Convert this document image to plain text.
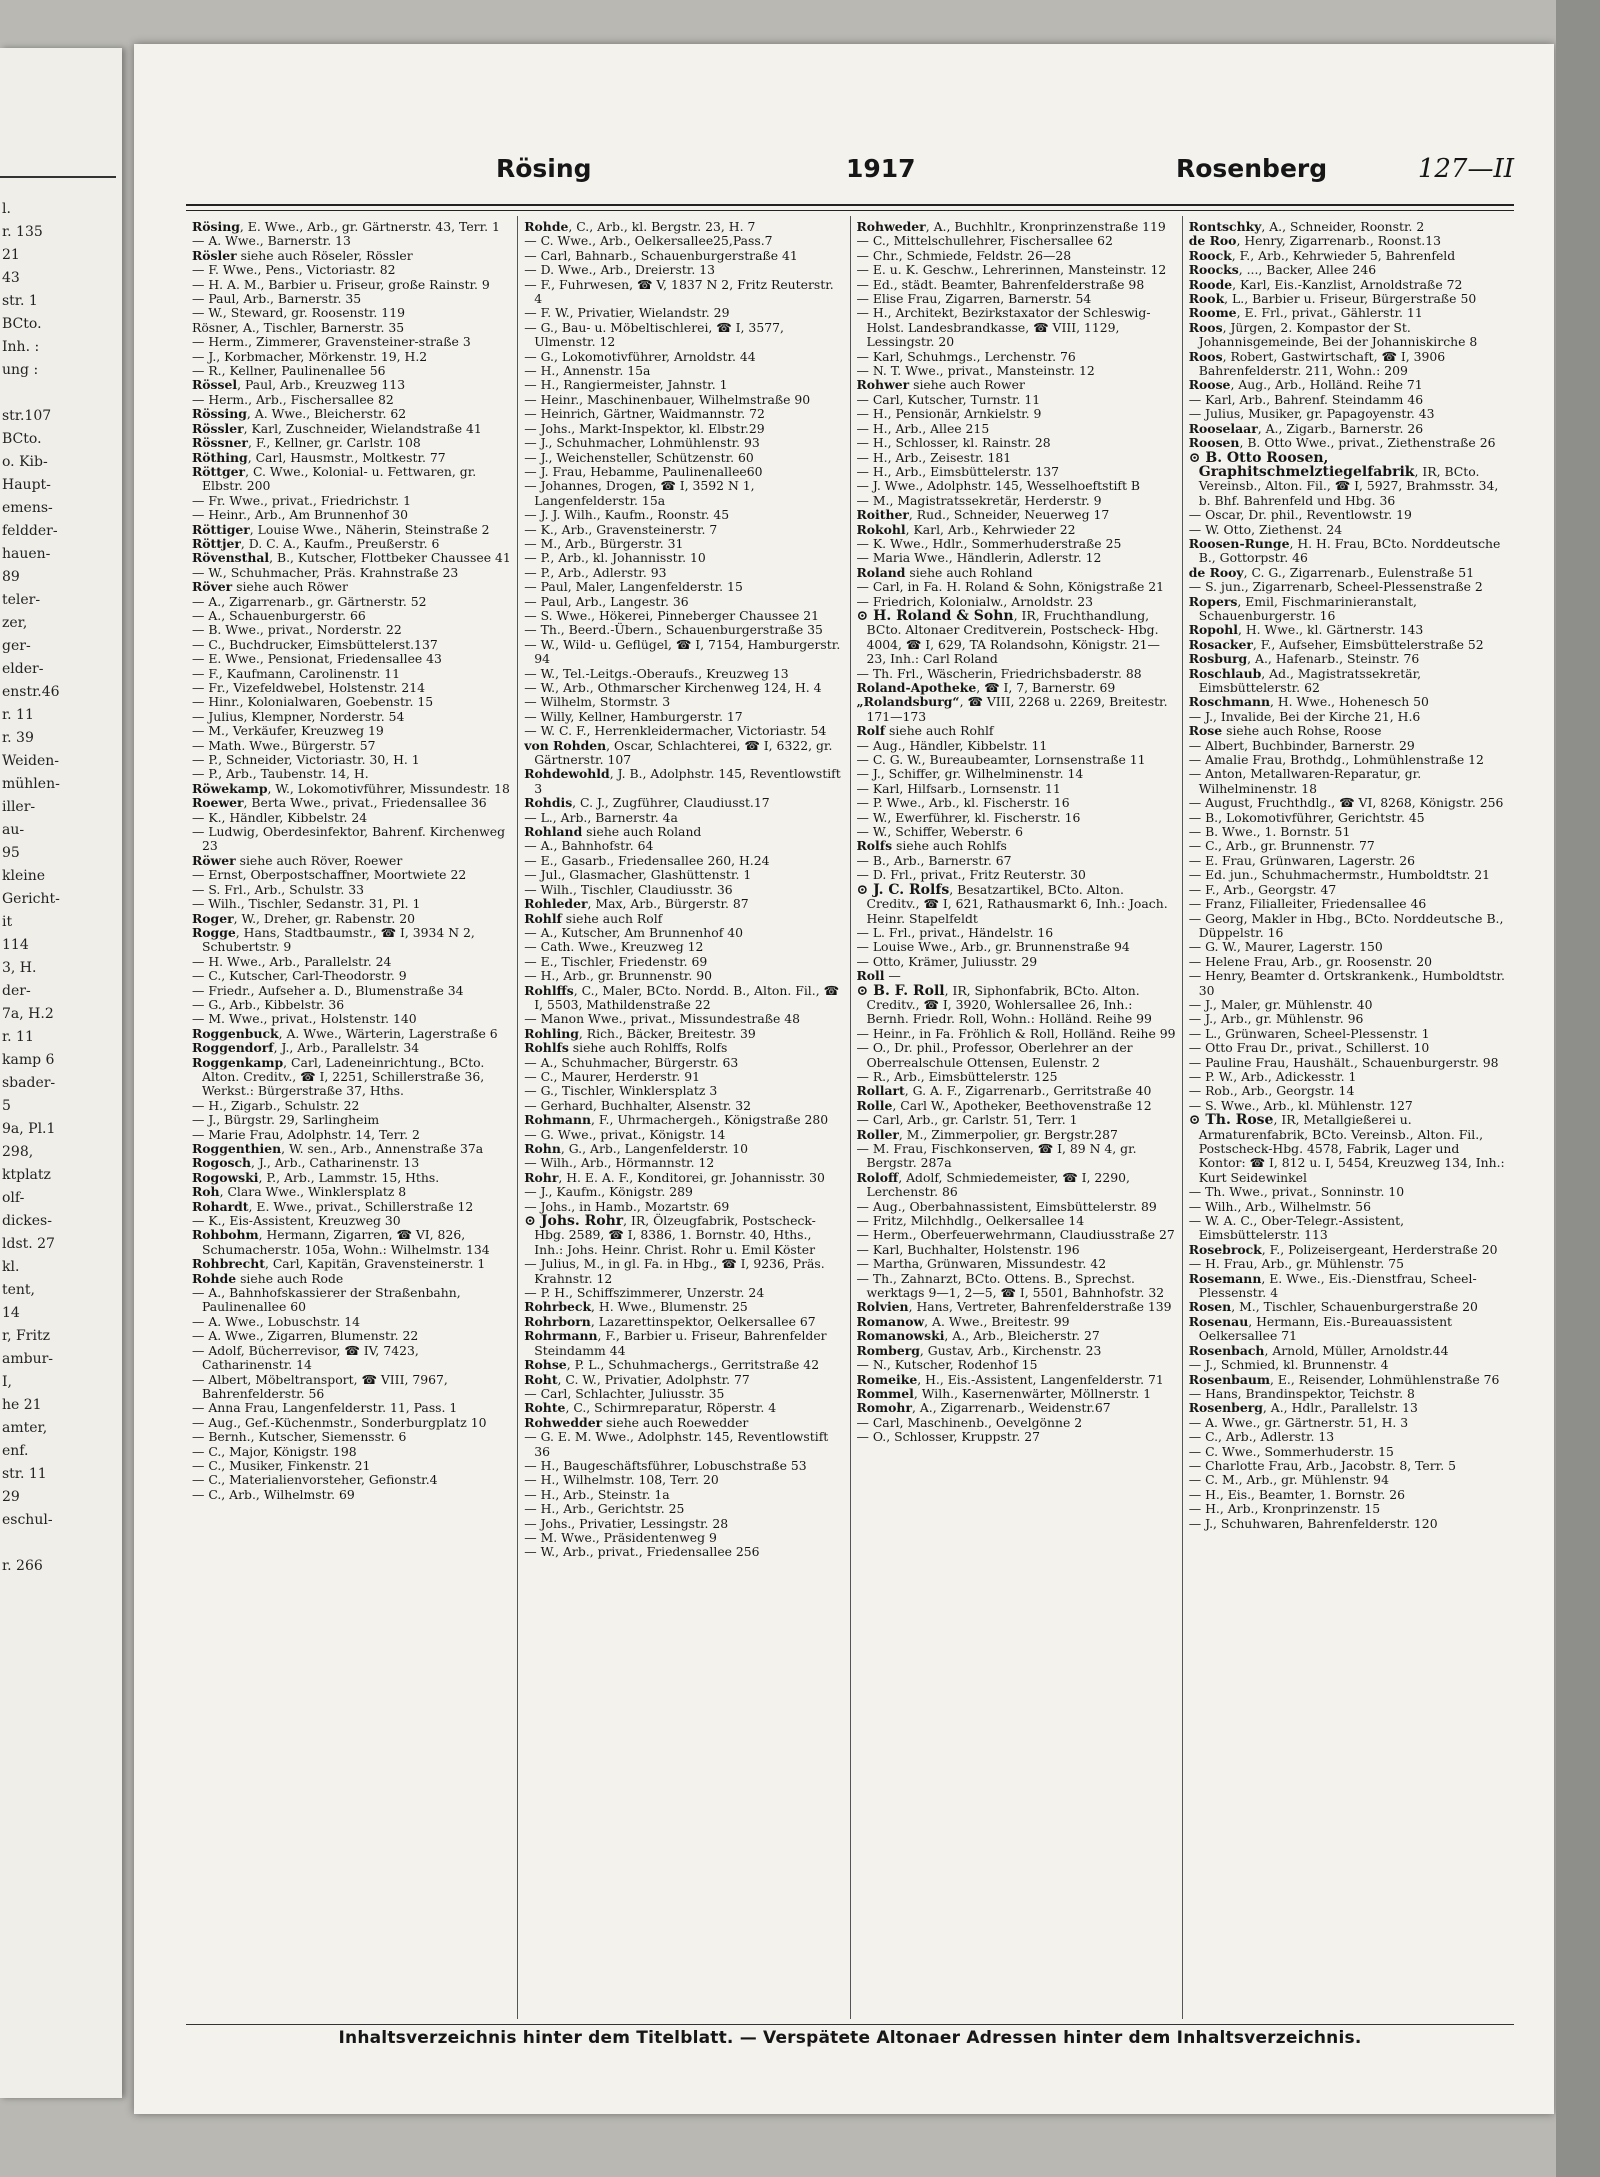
l.
r. 135
21
43
str. 1
BCto.
Inh. :
ung :

str.107
BCto.
o. Kib-
Haupt-
emens-
feldder-
hauen-
89
teler-
zer,
ger-
elder-
enstr.46
r. 11
r. 39
Weiden-
mühlen-
iller-
au-
95
kleine
Gericht-
it
114
3, H.
der-
7a, H.2
r. 11
kamp 6
sbader-
5
9a, Pl.1
298,
ktplatz
olf-
dickes-
ldst. 27
kl.
tent,
14
r, Fritz
ambur-
I,
he 21
amter,
enf.
str. 11
29
eschul-

r. 266
Rösing	1917	Rosenberg	127—II
Rösing, E. Wwe., Arb., gr. Gärtnerstr. 43, Terr. 1
— A. Wwe., Barnerstr. 13
Rösler siehe auch Röseler, Rössler
— F. Wwe., Pens., Victoriastr. 82
— H. A. M., Barbier u. Friseur, große Rainstr. 9
— Paul, Arb., Barnerstr. 35
— W., Steward, gr. Roosenstr. 119
Rösner, A., Tischler, Barnerstr. 35
— Herm., Zimmerer, Gravensteiner-straße 3
— J., Korbmacher, Mörkenstr. 19, H.2
— R., Kellner, Paulinenallee 56
Rössel, Paul, Arb., Kreuzweg 113
— Herm., Arb., Fischersallee 82
Rössing, A. Wwe., Bleicherstr. 62
Rössler, Karl, Zuschneider, Wielandstraße 41
Rössner, F., Kellner, gr. Carlstr. 108
Röthing, Carl, Hausmstr., Moltkestr. 77
Röttger, C. Wwe., Kolonial- u. Fettwaren, gr. Elbstr. 200
— Fr. Wwe., privat., Friedrichstr. 1
— Heinr., Arb., Am Brunnenhof 30
Röttiger, Louise Wwe., Näherin, Steinstraße 2
Röttjer, D. C. A., Kaufm., Preußerstr. 6
Rövensthal, B., Kutscher, Flottbeker Chaussee 41
— W., Schuhmacher, Präs. Krahnstraße 23
Röver siehe auch Röwer
— A., Zigarrenarb., gr. Gärtnerstr. 52
— A., Schauenburgerstr. 66
— B. Wwe., privat., Norderstr. 22
— C., Buchdrucker, Eimsbüttelerst.137
— E. Wwe., Pensionat, Friedensallee 43
— F., Kaufmann, Carolinenstr. 11
— Fr., Vizefeldwebel, Holstenstr. 214
— Hinr., Kolonialwaren, Goebenstr. 15
— Julius, Klempner, Norderstr. 54
— M., Verkäufer, Kreuzweg 19
— Math. Wwe., Bürgerstr. 57
— P., Schneider, Victoriastr. 30, H. 1
— P., Arb., Taubenstr. 14, H.
Röwekamp, W., Lokomotivführer, Missundestr. 18
Roewer, Berta Wwe., privat., Friedensallee 36
— K., Händler, Kibbelstr. 24
— Ludwig, Oberdesinfektor, Bahrenf. Kirchenweg 23
Röwer siehe auch Röver, Roewer
— Ernst, Oberpostschaffner, Moortwiete 22
— S. Frl., Arb., Schulstr. 33
— Wilh., Tischler, Sedanstr. 31, Pl. 1
Roger, W., Dreher, gr. Rabenstr. 20
Rogge, Hans, Stadtbaumstr., ☎ I, 3934 N 2, Schubertstr. 9
— H. Wwe., Arb., Parallelstr. 24
— C., Kutscher, Carl-Theodorstr. 9
— Friedr., Aufseher a. D., Blumenstraße 34
— G., Arb., Kibbelstr. 36
— M. Wwe., privat., Holstenstr. 140
Roggenbuck, A. Wwe., Wärterin, Lagerstraße 6
Roggendorf, J., Arb., Parallelstr. 34
Roggenkamp, Carl, Ladeneinrichtung., BCto. Alton. Creditv., ☎ I, 2251, Schillerstraße 36, Werkst.: Bürgerstraße 37, Hths.
— H., Zigarb., Schulstr. 22
— J., Bürgstr. 29, Sarlingheim
— Marie Frau, Adolphstr. 14, Terr. 2
Roggenthien, W. sen., Arb., Annenstraße 37a
Rogosch, J., Arb., Catharinenstr. 13
Rogowski, P., Arb., Lammstr. 15, Hths.
Roh, Clara Wwe., Winklersplatz 8
Rohardt, E. Wwe., privat., Schillerstraße 12
— K., Eis-Assistent, Kreuzweg 30
Rohbohm, Hermann, Zigarren, ☎ VI, 826, Schumacherstr. 105a, Wohn.: Wilhelmstr. 134
Rohbrecht, Carl, Kapitän, Gravensteinerstr. 1
Rohde siehe auch Rode
— A., Bahnhofskassierer der Straßenbahn, Paulinenallee 60
— A. Wwe., Lobuschstr. 14
— A. Wwe., Zigarren, Blumenstr. 22
— Adolf, Bücherrevisor, ☎ IV, 7423, Catharinenstr. 14
— Albert, Möbeltransport, ☎ VIII, 7967, Bahrenfelderstr. 56
— Anna Frau, Langenfelderstr. 11, Pass. 1
— Aug., Gef.-Küchenmstr., Sonderburgplatz 10
— Bernh., Kutscher, Siemensstr. 6
— C., Major, Königstr. 198
— C., Musiker, Finkenstr. 21
— C., Materialienvorsteher, Gefionstr.4
— C., Arb., Wilhelmstr. 69
Rohde, C., Arb., kl. Bergstr. 23, H. 7
— C. Wwe., Arb., Oelkersallee25,Pass.7
— Carl, Bahnarb., Schauenburgerstraße 41
— D. Wwe., Arb., Dreierstr. 13
— F., Fuhrwesen, ☎ V, 1837 N 2, Fritz Reuterstr. 4
— F. W., Privatier, Wielandstr. 29
— G., Bau- u. Möbeltischlerei, ☎ I, 3577, Ulmenstr. 12
— G., Lokomotivführer, Arnoldstr. 44
— H., Annenstr. 15a
— H., Rangiermeister, Jahnstr. 1
— Heinr., Maschinenbauer, Wilhelmstraße 90
— Heinrich, Gärtner, Waidmannstr. 72
— Johs., Markt-Inspektor, kl. Elbstr.29
— J., Schuhmacher, Lohmühlenstr. 93
— J., Weichensteller, Schützenstr. 60
— J. Frau, Hebamme, Paulinenallee60
— Johannes, Drogen, ☎ I, 3592 N 1, Langenfelderstr. 15a
— J. J. Wilh., Kaufm., Roonstr. 45
— K., Arb., Gravensteinerstr. 7
— M., Arb., Bürgerstr. 31
— P., Arb., kl. Johannisstr. 10
— P., Arb., Adlerstr. 93
— Paul, Maler, Langenfelderstr. 15
— Paul, Arb., Langestr. 36
— S. Wwe., Hökerei, Pinneberger Chaussee 21
— Th., Beerd.-Übern., Schauenburgerstraße 35
— W., Wild- u. Geflügel, ☎ I, 7154, Hamburgerstr. 94
— W., Tel.-Leitgs.-Oberaufs., Kreuzweg 13
— W., Arb., Othmarscher Kirchenweg 124, H. 4
— Wilhelm, Stormstr. 3
— Willy, Kellner, Hamburgerstr. 17
— W. C. F., Herrenkleidermacher, Victoriastr. 54
von Rohden, Oscar, Schlachterei, ☎ I, 6322, gr. Gärtnerstr. 107
Rohdewohld, J. B., Adolphstr. 145, Reventlowstift 3
Rohdis, C. J., Zugführer, Claudiusst.17
— L., Arb., Barnerstr. 4a
Rohland siehe auch Roland
— A., Bahnhofstr. 64
— E., Gasarb., Friedensallee 260, H.24
— Jul., Glasmacher, Glashüttenstr. 1
— Wilh., Tischler, Claudiusstr. 36
Rohleder, Max, Arb., Bürgerstr. 87
Rohlf siehe auch Rolf
— A., Kutscher, Am Brunnenhof 40
— Cath. Wwe., Kreuzweg 12
— E., Tischler, Friedenstr. 69
— H., Arb., gr. Brunnenstr. 90
Rohlffs, C., Maler, BCto. Nordd. B., Alton. Fil., ☎ I, 5503, Mathildenstraße 22
— Manon Wwe., privat., Missundestraße 48
Rohling, Rich., Bäcker, Breitestr. 39
Rohlfs siehe auch Rohlffs, Rolfs
— A., Schuhmacher, Bürgerstr. 63
— C., Maurer, Herderstr. 91
— G., Tischler, Winklersplatz 3
— Gerhard, Buchhalter, Alsenstr. 32
Rohmann, F., Uhrmachergeh., Königstraße 280
— G. Wwe., privat., Königstr. 14
Rohn, G., Arb., Langenfelderstr. 10
— Wilh., Arb., Hörmannstr. 12
Rohr, H. E. A. F., Konditorei, gr. Johannisstr. 30
— J., Kaufm., Königstr. 289
— Johs., in Hamb., Mozartstr. 69
⊙ Johs. Rohr, IR, Ölzeugfabrik, Postscheck- Hbg. 2589, ☎ I, 8386, 1. Bornstr. 40, Hths., Inh.: Johs. Heinr. Christ. Rohr u. Emil Köster
— Julius, M., in gl. Fa. in Hbg., ☎ I, 9236, Präs. Krahnstr. 12
— P. H., Schiffszimmerer, Unzerstr. 24
Rohrbeck, H. Wwe., Blumenstr. 25
Rohrborn, Lazarettinspektor, Oelkersallee 67
Rohrmann, F., Barbier u. Friseur, Bahrenfelder Steindamm 44
Rohse, P. L., Schuhmachergs., Gerritstraße 42
Roht, C. W., Privatier, Adolphstr. 77
— Carl, Schlachter, Juliusstr. 35
Rohte, C., Schirmreparatur, Röperstr. 4
Rohwedder siehe auch Roewedder
— G. E. M. Wwe., Adolphstr. 145, Reventlowstift 36
— H., Baugeschäftsführer, Lobuschstraße 53
— H., Wilhelmstr. 108, Terr. 20
— H., Arb., Steinstr. 1a
— H., Arb., Gerichtstr. 25
— Johs., Privatier, Lessingstr. 28
— M. Wwe., Präsidentenweg 9
— W., Arb., privat., Friedensallee 256
Rohweder, A., Buchhltr., Kronprinzenstraße 119
— C., Mittelschullehrer, Fischersallee 62
— Chr., Schmiede, Feldstr. 26—28
— E. u. K. Geschw., Lehrerinnen, Mansteinstr. 12
— Ed., städt. Beamter, Bahrenfelderstraße 98
— Elise Frau, Zigarren, Barnerstr. 54
— H., Architekt, Bezirkstaxator der Schleswig-Holst. Landesbrandkasse, ☎ VIII, 1129, Lessingstr. 20
— Karl, Schuhmgs., Lerchenstr. 76
— N. T. Wwe., privat., Mansteinstr. 12
Rohwer siehe auch Rower
— Carl, Kutscher, Turnstr. 11
— H., Pensionär, Arnkielstr. 9
— H., Arb., Allee 215
— H., Schlosser, kl. Rainstr. 28
— H., Arb., Zeisestr. 181
— H., Arb., Eimsbüttelerstr. 137
— J. Wwe., Adolphstr. 145, Wesselhoeftstift B
— M., Magistratssekretär, Herderstr. 9
Roither, Rud., Schneider, Neuerweg 17
Rokohl, Karl, Arb., Kehrwieder 22
— K. Wwe., Hdlr., Sommerhuderstraße 25
— Maria Wwe., Händlerin, Adlerstr. 12
Roland siehe auch Rohland
— Carl, in Fa. H. Roland & Sohn, Königstraße 21
— Friedrich, Kolonialw., Arnoldstr. 23
⊙ H. Roland & Sohn, IR, Fruchthandlung, BCto. Altonaer Creditverein, Postscheck- Hbg. 4004, ☎ I, 629, TA Rolandsohn, Königstr. 21—23, Inh.: Carl Roland
— Th. Frl., Wäscherin, Friedrichsbaderstr. 88
Roland-Apotheke, ☎ I, 7, Barnerstr. 69
„Rolandsburg“, ☎ VIII, 2268 u. 2269, Breitestr. 171—173
Rolf siehe auch Rohlf
— Aug., Händler, Kibbelstr. 11
— C. G. W., Bureaubeamter, Lornsenstraße 11
— J., Schiffer, gr. Wilhelminenstr. 14
— Karl, Hilfsarb., Lornsenstr. 11
— P. Wwe., Arb., kl. Fischerstr. 16
— W., Ewerführer, kl. Fischerstr. 16
— W., Schiffer, Weberstr. 6
Rolfs siehe auch Rohlfs
— B., Arb., Barnerstr. 67
— D. Frl., privat., Fritz Reuterstr. 30
⊙ J. C. Rolfs, Besatzartikel, BCto. Alton. Creditv., ☎ I, 621, Rathausmarkt 6, Inh.: Joach. Heinr. Stapelfeldt
— L. Frl., privat., Händelstr. 16
— Louise Wwe., Arb., gr. Brunnenstraße 94
— Otto, Krämer, Juliusstr. 29
Roll —
⊙ B. F. Roll, IR, Siphonfabrik, BCto. Alton. Creditv., ☎ I, 3920, Wohlersallee 26, Inh.: Bernh. Friedr. Roll, Wohn.: Holländ. Reihe 99
— Heinr., in Fa. Fröhlich & Roll, Holländ. Reihe 99
— O., Dr. phil., Professor, Oberlehrer an der Oberrealschule Ottensen, Eulenstr. 2
— R., Arb., Eimsbüttelerstr. 125
Rollart, G. A. F., Zigarrenarb., Gerritstraße 40
Rolle, Carl W., Apotheker, Beethovenstraße 12
— Carl, Arb., gr. Carlstr. 51, Terr. 1
Roller, M., Zimmerpolier, gr. Bergstr.287
— M. Frau, Fischkonserven, ☎ I, 89 N 4, gr. Bergstr. 287a
Roloff, Adolf, Schmiedemeister, ☎ I, 2290, Lerchenstr. 86
— Aug., Oberbahnassistent, Eimsbüttelerstr. 89
— Fritz, Milchhdlg., Oelkersallee 14
— Herm., Oberfeuerwehrmann, Claudiusstraße 27
— Karl, Buchhalter, Holstenstr. 196
— Martha, Grünwaren, Missundestr. 42
— Th., Zahnarzt, BCto. Ottens. B., Sprechst. werktags 9—1, 2—5, ☎ I, 5501, Bahnhofstr. 32
Rolvien, Hans, Vertreter, Bahrenfelderstraße 139
Romanow, A. Wwe., Breitestr. 99
Romanowski, A., Arb., Bleicherstr. 27
Romberg, Gustav, Arb., Kirchenstr. 23
— N., Kutscher, Rodenhof 15
Romeike, H., Eis.-Assistent, Langenfelderstr. 71
Rommel, Wilh., Kasernenwärter, Möllnerstr. 1
Romohr, A., Zigarrenarb., Weidenstr.67
— Carl, Maschinenb., Oevelgönne 2
— O., Schlosser, Kruppstr. 27
Rontschky, A., Schneider, Roonstr. 2
de Roo, Henry, Zigarrenarb., Roonst.13
Roock, F., Arb., Kehrwieder 5, Bahrenfeld
Roocks, ..., Backer, Allee 246
Roode, Karl, Eis.-Kanzlist, Arnoldstraße 72
Rook, L., Barbier u. Friseur, Bürgerstraße 50
Roome, E. Frl., privat., Gählerstr. 11
Roos, Jürgen, 2. Kompastor der St. Johannisgemeinde, Bei der Johanniskirche 8
Roos, Robert, Gastwirtschaft, ☎ I, 3906 Bahrenfelderstr. 211, Wohn.: 209
Roose, Aug., Arb., Holländ. Reihe 71
— Karl, Arb., Bahrenf. Steindamm 46
— Julius, Musiker, gr. Papagoyenstr. 43
Rooselaar, A., Zigarb., Barnerstr. 26
Roosen, B. Otto Wwe., privat., Ziethenstraße 26
⊙ B. Otto Roosen, Graphitschmelztiegelfabrik, IR, BCto. Vereinsb., Alton. Fil., ☎ I, 5927, Brahmsstr. 34, b. Bhf. Bahrenfeld und Hbg. 36
— Oscar, Dr. phil., Reventlowstr. 19
— W. Otto, Ziethenst. 24
Roosen-Runge, H. H. Frau, BCto. Norddeutsche B., Gottorpstr. 46
de Rooy, C. G., Zigarrenarb., Eulenstraße 51
— S. jun., Zigarrenarb, Scheel-Plessenstraße 2
Ropers, Emil, Fischmarinieranstalt, Schauenburgerstr. 16
Ropohl, H. Wwe., kl. Gärtnerstr. 143
Rosacker, F., Aufseher, Eimsbüttelerstraße 52
Rosburg, A., Hafenarb., Steinstr. 76
Roschlaub, Ad., Magistratssekretär, Eimsbüttelerstr. 62
Roschmann, H. Wwe., Hohenesch 50
— J., Invalide, Bei der Kirche 21, H.6
Rose siehe auch Rohse, Roose
— Albert, Buchbinder, Barnerstr. 29
— Amalie Frau, Brothdg., Lohmühlenstraße 12
— Anton, Metallwaren-Reparatur, gr. Wilhelminenstr. 18
— August, Fruchthdlg., ☎ VI, 8268, Königstr. 256
— B., Lokomotivführer, Gerichtstr. 45
— B. Wwe., 1. Bornstr. 51
— C., Arb., gr. Brunnenstr. 77
— E. Frau, Grünwaren, Lagerstr. 26
— Ed. jun., Schuhmachermstr., Humboldtstr. 21
— F., Arb., Georgstr. 47
— Franz, Filialleiter, Friedensallee 46
— Georg, Makler in Hbg., BCto. Norddeutsche B., Düppelstr. 16
— G. W., Maurer, Lagerstr. 150
— Helene Frau, Arb., gr. Roosenstr. 20
— Henry, Beamter d. Ortskrankenk., Humboldtstr. 30
— J., Maler, gr. Mühlenstr. 40
— J., Arb., gr. Mühlenstr. 96
— L., Grünwaren, Scheel-Plessenstr. 1
— Otto Frau Dr., privat., Schillerst. 10
— Pauline Frau, Haushält., Schauenburgerstr. 98
— P. W., Arb., Adickesstr. 1
— Rob., Arb., Georgstr. 14
— S. Wwe., Arb., kl. Mühlenstr. 127
⊙ Th. Rose, IR, Metallgießerei u. Armaturenfabrik, BCto. Vereinsb., Alton. Fil., Postscheck-Hbg. 4578, Fabrik, Lager und Kontor: ☎ I, 812 u. I, 5454, Kreuzweg 134, Inh.: Kurt Seidewinkel
— Th. Wwe., privat., Sonninstr. 10
— Wilh., Arb., Wilhelmstr. 56
— W. A. C., Ober-Telegr.-Assistent, Eimsbüttelerstr. 113
Rosebrock, F., Polizeisergeant, Herderstraße 20
— H. Frau, Arb., gr. Mühlenstr. 75
Rosemann, E. Wwe., Eis.-Dienstfrau, Scheel-Plessenstr. 4
Rosen, M., Tischler, Schauenburgerstraße 20
Rosenau, Hermann, Eis.-Bureauassistent Oelkersallee 71
Rosenbach, Arnold, Müller, Arnoldstr.44
— J., Schmied, kl. Brunnenstr. 4
Rosenbaum, E., Reisender, Lohmühlenstraße 76
— Hans, Brandinspektor, Teichstr. 8
Rosenberg, A., Hdlr., Parallelstr. 13
— A. Wwe., gr. Gärtnerstr. 51, H. 3
— C., Arb., Adlerstr. 13
— C. Wwe., Sommerhuderstr. 15
— Charlotte Frau, Arb., Jacobstr. 8, Terr. 5
— C. M., Arb., gr. Mühlenstr. 94
— H., Eis., Beamter, 1. Bornstr. 26
— H., Arb., Kronprinzenstr. 15
— J., Schuhwaren, Bahrenfelderstr. 120
Inhaltsverzeichnis hinter dem Titelblatt. — Verspätete Altonaer Adressen hinter dem Inhaltsverzeichnis.
